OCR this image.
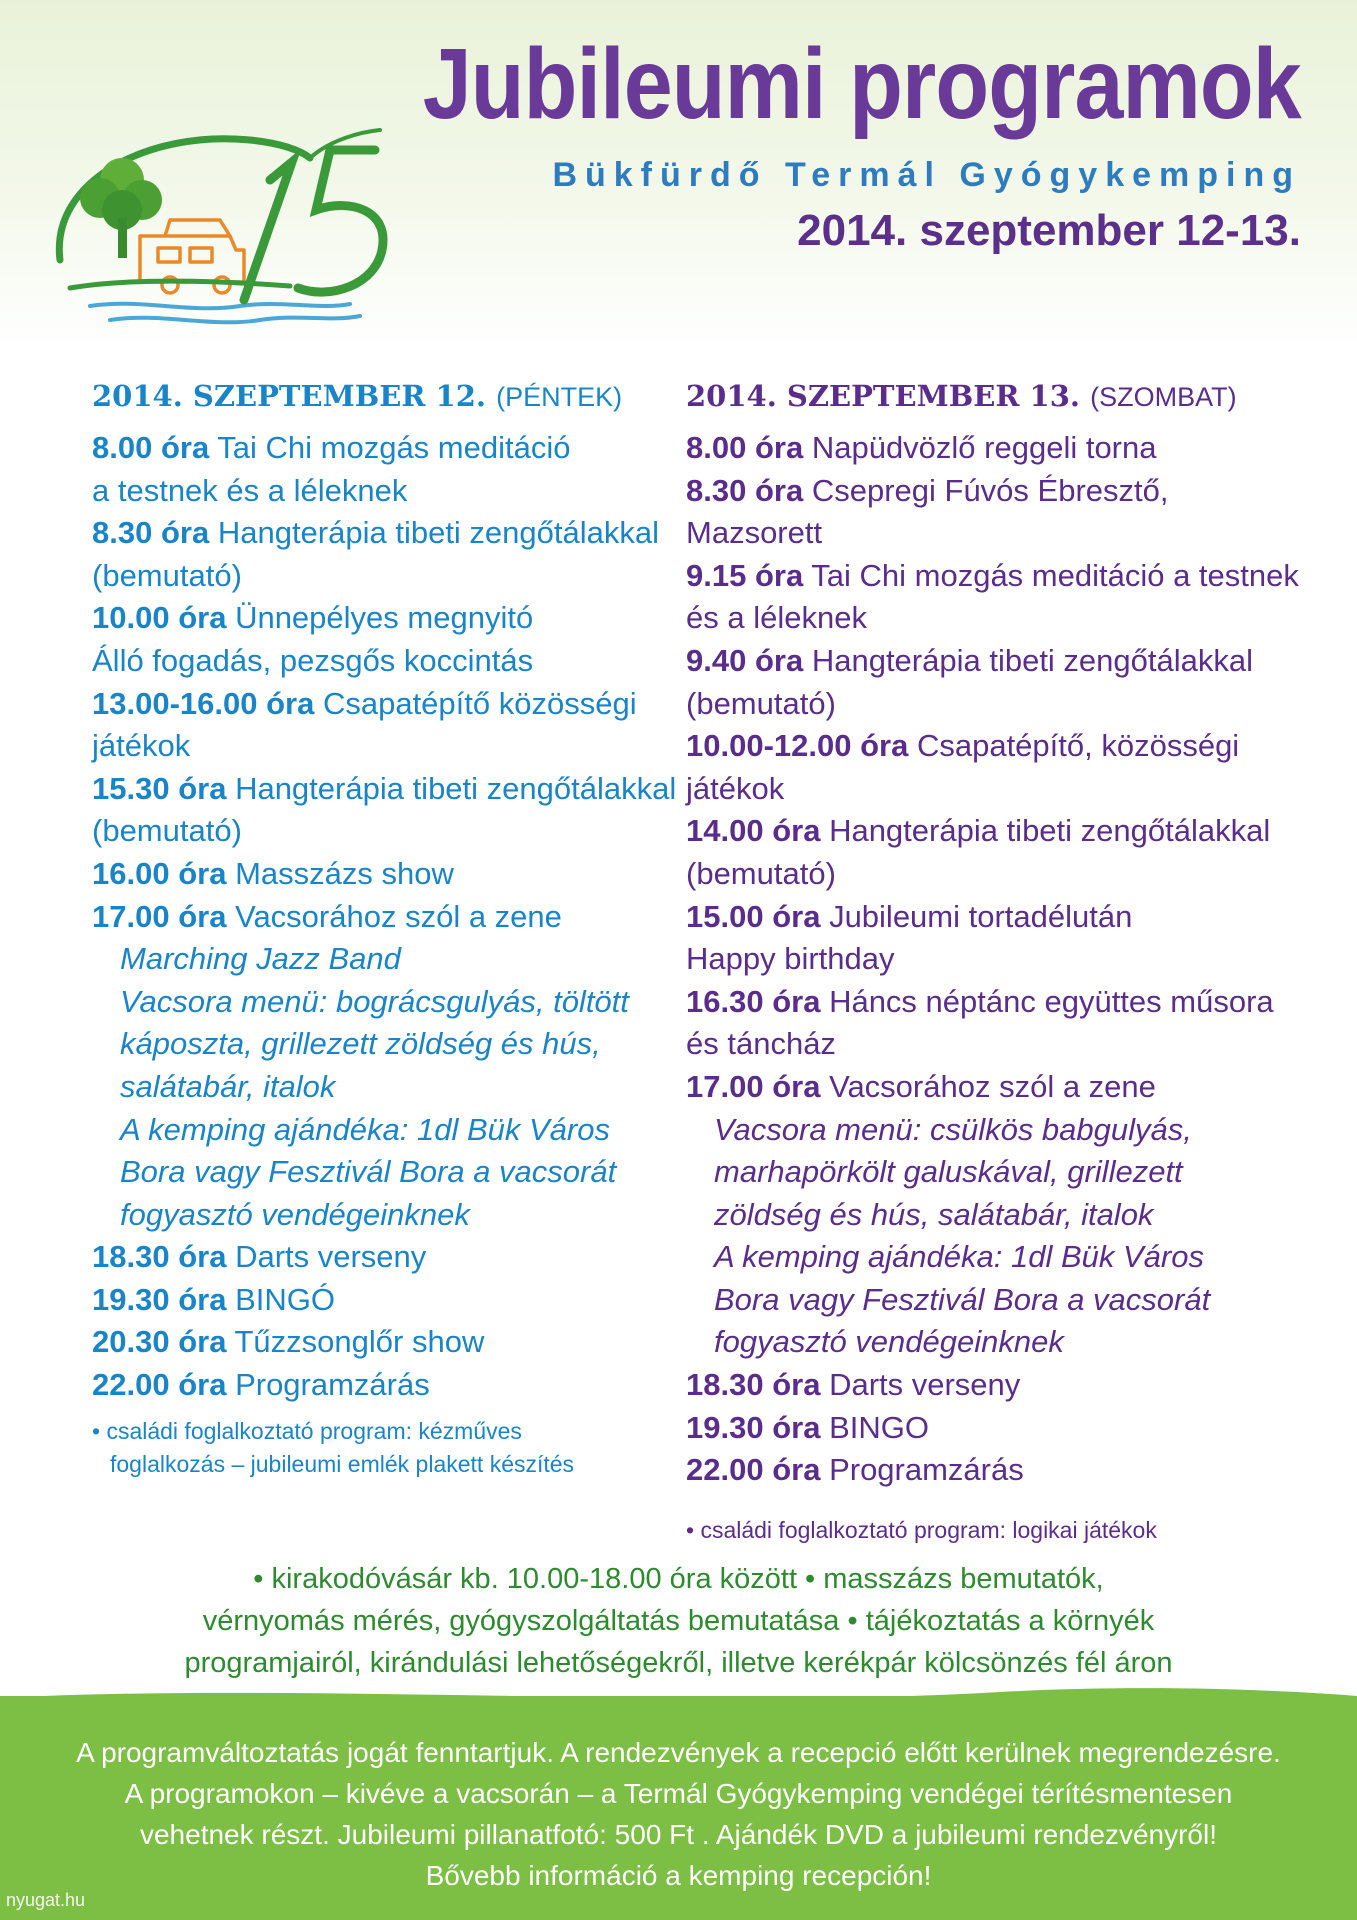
Jubileumi programok
Bükfürdő Termál Gyógykemping
2014. szeptember 12-13.
2014. SZEPTEMBER 12. (PÉNTEK)
8.00 óra Tai Chi mozgás meditáció
a testnek és a léleknek
8.30 óra Hangterápia tibeti zengőtálakkal
(bemutató)
10.00 óra Ünnepélyes megnyitó
Álló fogadás, pezsgős koccintás
13.00-16.00 óra Csapatépítő közösségi
játékok
15.30 óra Hangterápia tibeti zengőtálakkal
(bemutató)
16.00 óra Masszázs show
17.00 óra Vacsorához szól a zene
Marching Jazz Band
Vacsora menü: bográcsgulyás, töltött
káposzta, grillezett zöldség és hús,
salátabár, italok
A kemping ajándéka: 1dl Bük Város
Bora vagy Fesztivál Bora a vacsorát
fogyasztó vendégeinknek
18.30 óra Darts verseny
19.30 óra BINGÓ
20.30 óra Tűzzsonglőr show
22.00 óra Programzárás
• családi foglalkoztató program: kézműves
foglalkozás – jubileumi emlék plakett készítés
2014. SZEPTEMBER 13. (SZOMBAT)
8.00 óra Napüdvözlő reggeli torna
8.30 óra Csepregi Fúvós Ébresztő,
Mazsorett
9.15 óra Tai Chi mozgás meditáció a testnek
és a léleknek
9.40 óra Hangterápia tibeti zengőtálakkal
(bemutató)
10.00-12.00 óra Csapatépítő, közösségi
játékok
14.00 óra Hangterápia tibeti zengőtálakkal
(bemutató)
15.00 óra Jubileumi tortadélután
Happy birthday
16.30 óra Háncs néptánc együttes műsora
és táncház
17.00 óra Vacsorához szól a zene
Vacsora menü: csülkös babgulyás,
marhapörkölt galuskával, grillezett
zöldség és hús, salátabár, italok
A kemping ajándéka: 1dl Bük Város
Bora vagy Fesztivál Bora a vacsorát
fogyasztó vendégeinknek
18.30 óra Darts verseny
19.30 óra BINGO
22.00 óra Programzárás
• családi foglalkoztató program: logikai játékok
• kirakodóvásár kb. 10.00-18.00 óra között • masszázs bemutatók,
vérnyomás mérés, gyógyszolgáltatás bemutatása • tájékoztatás a környék
programjairól, kirándulási lehetőségekről, illetve kerékpár kölcsönzés fél áron
A programváltoztatás jogát fenntartjuk. A rendezvények a recepció előtt kerülnek megrendezésre.
A programokon – kivéve a vacsorán – a Termál Gyógykemping vendégei térítésmentesen
vehetnek részt. Jubileumi pillanatfotó: 500 Ft . Ajándék DVD a jubileumi rendezvényről!
Bővebb információ a kemping recepción!
nyugat.hu
